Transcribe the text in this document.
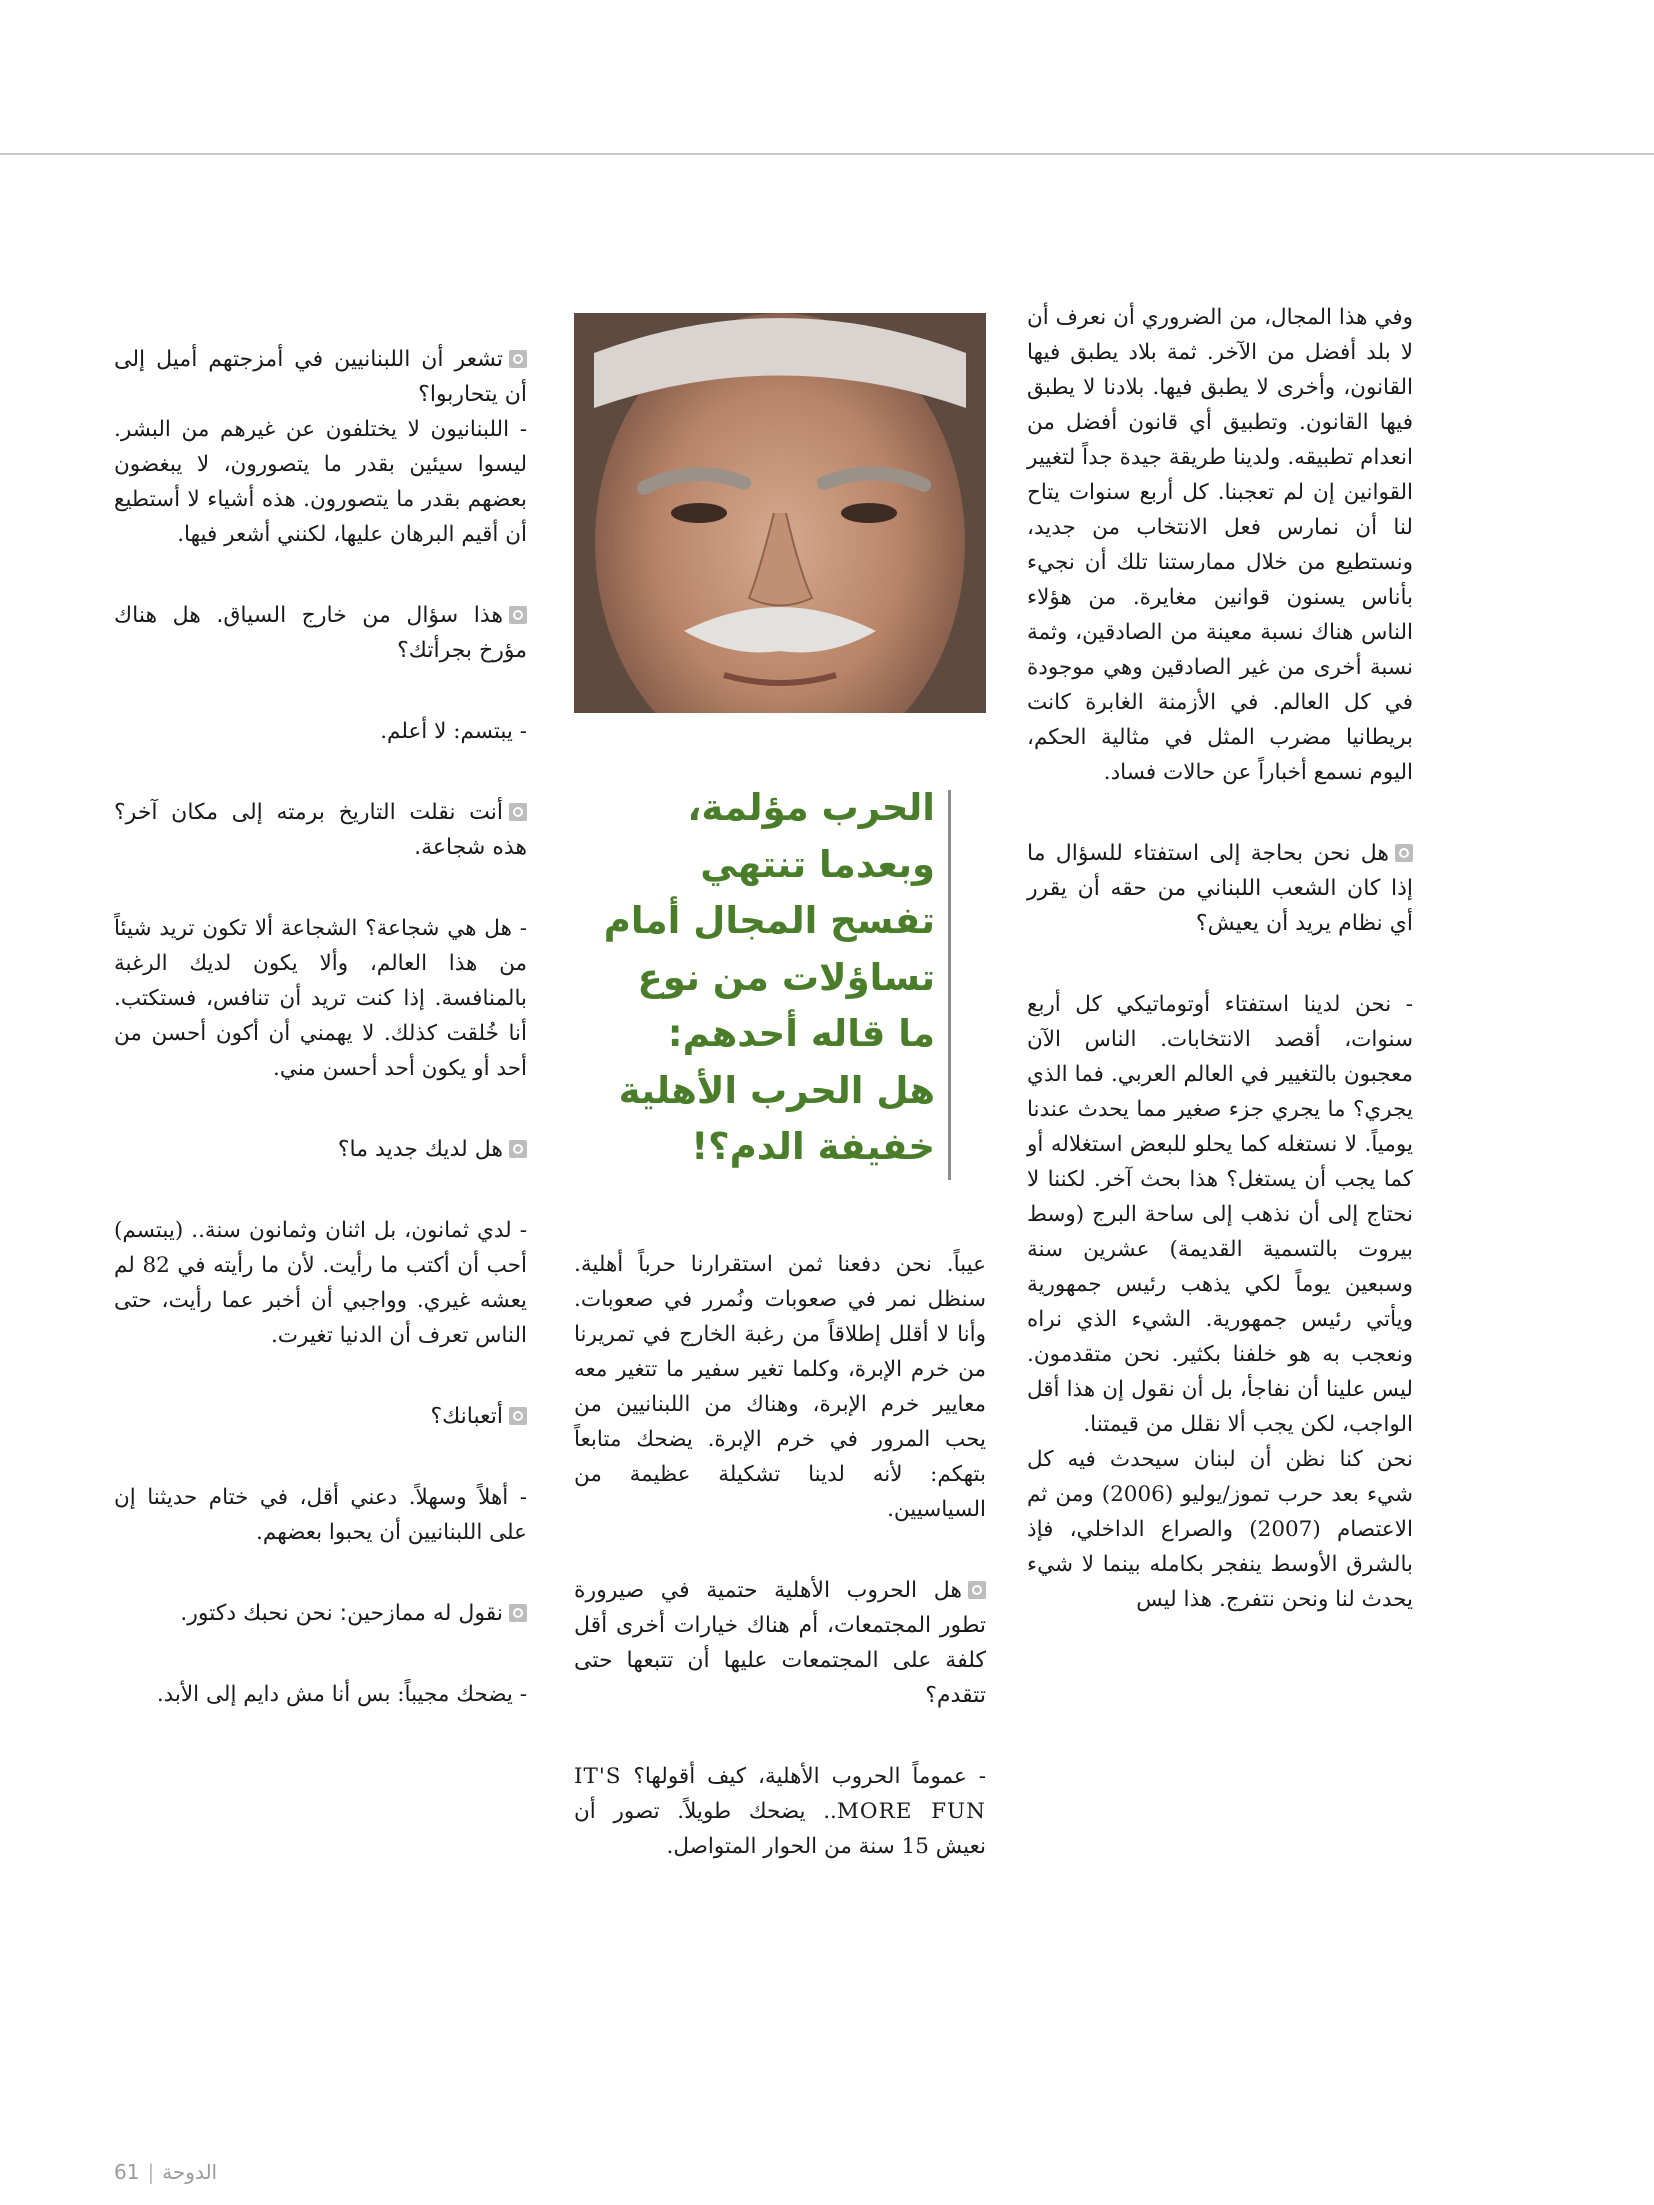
وفي هذا المجال، من الضروري أن نعرف أن لا بلد أفضل من الآخر. ثمة بلاد يطبق فيها القانون، وأخرى لا يطبق فيها. بلادنا لا يطبق فيها القانون. وتطبيق أي قانون أفضل من انعدام تطبيقه. ولدينا طريقة جيدة جداً لتغيير القوانين إن لم تعجبنا. كل أربع سنوات يتاح لنا أن نمارس فعل الانتخاب من جديد، ونستطيع من خلال ممارستنا تلك أن نجيء بأناس يسنون قوانين مغايرة. من هؤلاء الناس هناك نسبة معينة من الصادقين، وثمة نسبة أخرى من غير الصادقين وهي موجودة في كل العالم. في الأزمنة الغابرة كانت بريطانيا مضرب المثل في مثالية الحكم، اليوم نسمع أخباراً عن حالات فساد.

هل نحن بحاجة إلى استفتاء للسؤال ما إذا كان الشعب اللبناني من حقه أن يقرر أي نظام يريد أن يعيش؟

- نحن لدينا استفتاء أوتوماتيكي كل أربع سنوات، أقصد الانتخابات. الناس الآن معجبون بالتغيير في العالم العربي. فما الذي يجري؟ ما يجري جزء صغير مما يحدث عندنا يومياً. لا نستغله كما يحلو للبعض استغلاله أو كما يجب أن يستغل؟ هذا بحث آخر. لكننا لا نحتاج إلى أن نذهب إلى ساحة البرج (وسط بيروت بالتسمية القديمة) عشرين سنة وسبعين يوماً لكي يذهب رئيس جمهورية ويأتي رئيس جمهورية. الشيء الذي نراه ونعجب به هو خلفنا بكثير. نحن متقدمون. ليس علينا أن نفاجأ، بل أن نقول إن هذا أقل الواجب، لكن يجب ألا نقلل من قيمتنا.

نحن كنا نظن أن لبنان سيحدث فيه كل شيء بعد حرب تموز/يوليو (2006) ومن ثم الاعتصام (2007) والصراع الداخلي، فإذ بالشرق الأوسط ينفجر بكامله بينما لا شيء يحدث لنا ونحن نتفرج. هذا ليس

الحرب مؤلمة،
وبعدما تنتهي
تفسح المجال أمام
تساؤلات من نوع
ما قاله أحدهم:
هل الحرب الأهلية
خفيفة الدم؟!

عيباً. نحن دفعنا ثمن استقرارنا حرباً أهلية. سنظل نمر في صعوبات ونُمرر في صعوبات. وأنا لا أقلل إطلاقاً من رغبة الخارج في تمريرنا من خرم الإبرة، وكلما تغير سفير ما تتغير معه معايير خرم الإبرة، وهناك من اللبنانيين من يحب المرور في خرم الإبرة. يضحك متابعاً بتهكم: لأنه لدينا تشكيلة عظيمة من السياسيين.

هل الحروب الأهلية حتمية في صيرورة تطور المجتمعات، أم هناك خيارات أخرى أقل كلفة على المجتمعات عليها أن تتبعها حتى تتقدم؟

- عموماً الحروب الأهلية، كيف أقولها؟ IT'S MORE FUN.. يضحك طويلاً. تصور أن نعيش 15 سنة من الحوار المتواصل.

تشعر أن اللبنانيين في أمزجتهم أميل إلى أن يتحاربوا؟

- اللبنانيون لا يختلفون عن غيرهم من البشر. ليسوا سيئين بقدر ما يتصورون، لا يبغضون بعضهم بقدر ما يتصورون. هذه أشياء لا أستطيع أن أقيم البرهان عليها، لكنني أشعر فيها.

هذا سؤال من خارج السياق. هل هناك مؤرخ بجرأتك؟

- يبتسم: لا أعلم.

أنت نقلت التاريخ برمته إلى مكان آخر؟ هذه شجاعة.

- هل هي شجاعة؟ الشجاعة ألا تكون تريد شيئاً من هذا العالم، وألا يكون لديك الرغبة بالمنافسة. إذا كنت تريد أن تنافس، فستكتب. أنا خُلقت كذلك. لا يهمني أن أكون أحسن من أحد أو يكون أحد أحسن مني.

هل لديك جديد ما؟

- لدي ثمانون، بل اثنان وثمانون سنة.. (يبتسم) أحب أن أكتب ما رأيت. لأن ما رأيته في 82 لم يعشه غيري. وواجبي أن أخبر عما رأيت، حتى الناس تعرف أن الدنيا تغيرت.

أتعبانك؟

- أهلاً وسهلاً. دعني أقل، في ختام حديثنا إن على اللبنانيين أن يحبوا بعضهم.

نقول له ممازحين: نحن نحبك دكتور.

- يضحك مجيباً: بس أنا مش دايم إلى الأبد.

61 | الدوحة
